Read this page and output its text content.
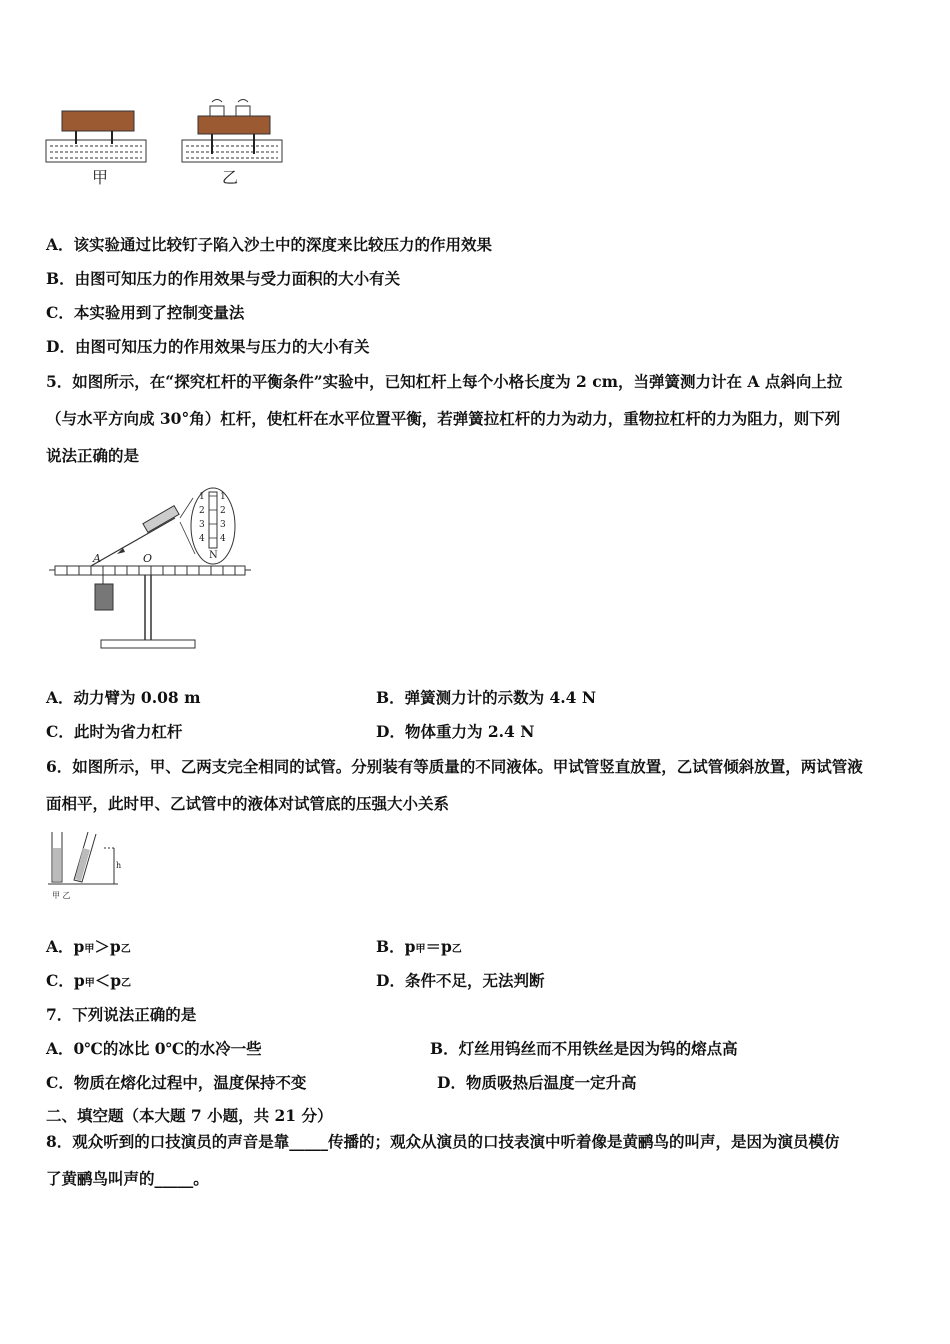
甲	乙
A．该实验通过比较钉子陷入沙土中的深度来比较压力的作用效果
B．由图可知压力的作用效果与受力面积的大小有关
C．本实验用到了控制变量法
D．由图可知压力的作用效果与压力的大小有关
5．如图所示，在“探究杠杆的平衡条件”实验中，已知杠杆上每个小格长度为 2 cm，当弹簧测力计在 A 点斜向上拉
（与水平方向成 30°角）杠杆，使杠杆在水平位置平衡，若弹簧拉杠杆的力为动力，重物拉杠杆的力为阻力，则下列
说法正确的是
A	O
1
2
3
4
1
2
3
4
N
A．动力臂为 0.08 m	B．弹簧测力计的示数为 4.4 N
C．此时为省力杠杆	D．物体重力为 2.4 N
6．如图所示，甲、乙两支完全相同的试管。分别装有等质量的不同液体。甲试管竖直放置，乙试管倾斜放置，两试管液
面相平，此时甲、乙试管中的液体对试管底的压强大小关系
h
甲 乙
A．p甲＞p乙	B．p甲＝p乙
C．p甲＜p乙	D．条件不足，无法判断
7．下列说法正确的是
A．0℃的冰比 0℃的水冷一些	B．灯丝用钨丝而不用铁丝是因为钨的熔点高
C．物质在熔化过程中，温度保持不变	D．物质吸热后温度一定升高
二、填空题（本大题 7 小题，共 21 分）
8．观众听到的口技演员的声音是靠_____传播的；观众从演员的口技表演中听着像是黄鹂鸟的叫声，是因为演员模仿
了黄鹂鸟叫声的_____。
